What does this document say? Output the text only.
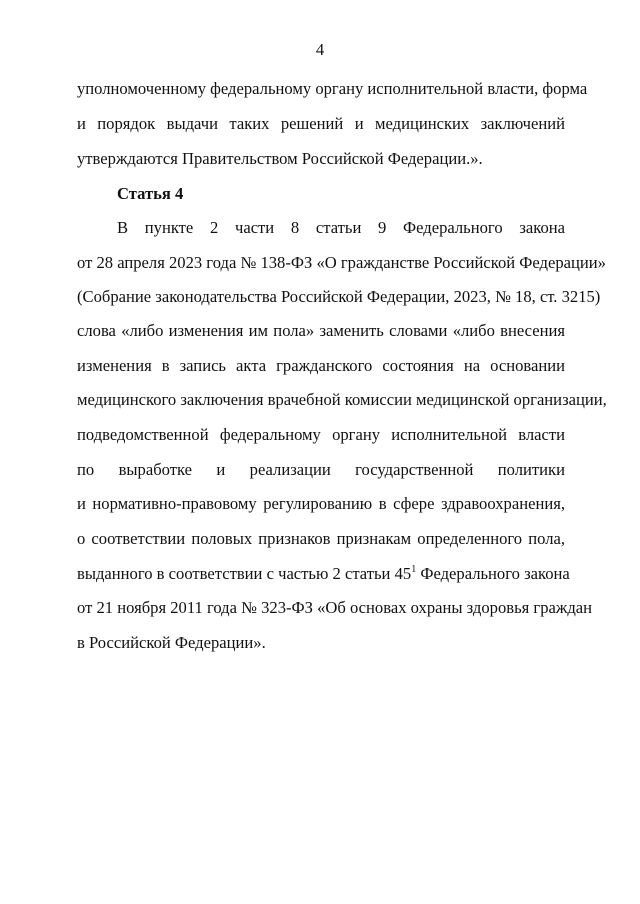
4
уполномоченному федеральному органу исполнительной власти, форма
и порядок выдачи таких решений и медицинских заключений
утверждаются Правительством Российской Федерации.».
Статья 4
В пункте 2 части 8 статьи 9 Федерального закона
от 28 апреля 2023 года № 138-ФЗ «О гражданстве Российской Федерации»
(Собрание законодательства Российской Федерации, 2023, № 18, ст. 3215)
слова «либо изменения им пола» заменить словами «либо внесения
изменения в запись акта гражданского состояния на основании
медицинского заключения врачебной комиссии медицинской организации,
подведомственной федеральному органу исполнительной власти
по выработке и реализации государственной политики
и нормативно-правовому регулированию в сфере здравоохранения,
о соответствии половых признаков признакам определенного пола,
выданного в соответствии с частью 2 статьи $45^1$ Федерального закона
от 21 ноября 2011 года № 323-ФЗ «Об основах охраны здоровья граждан
в Российской Федерации».
